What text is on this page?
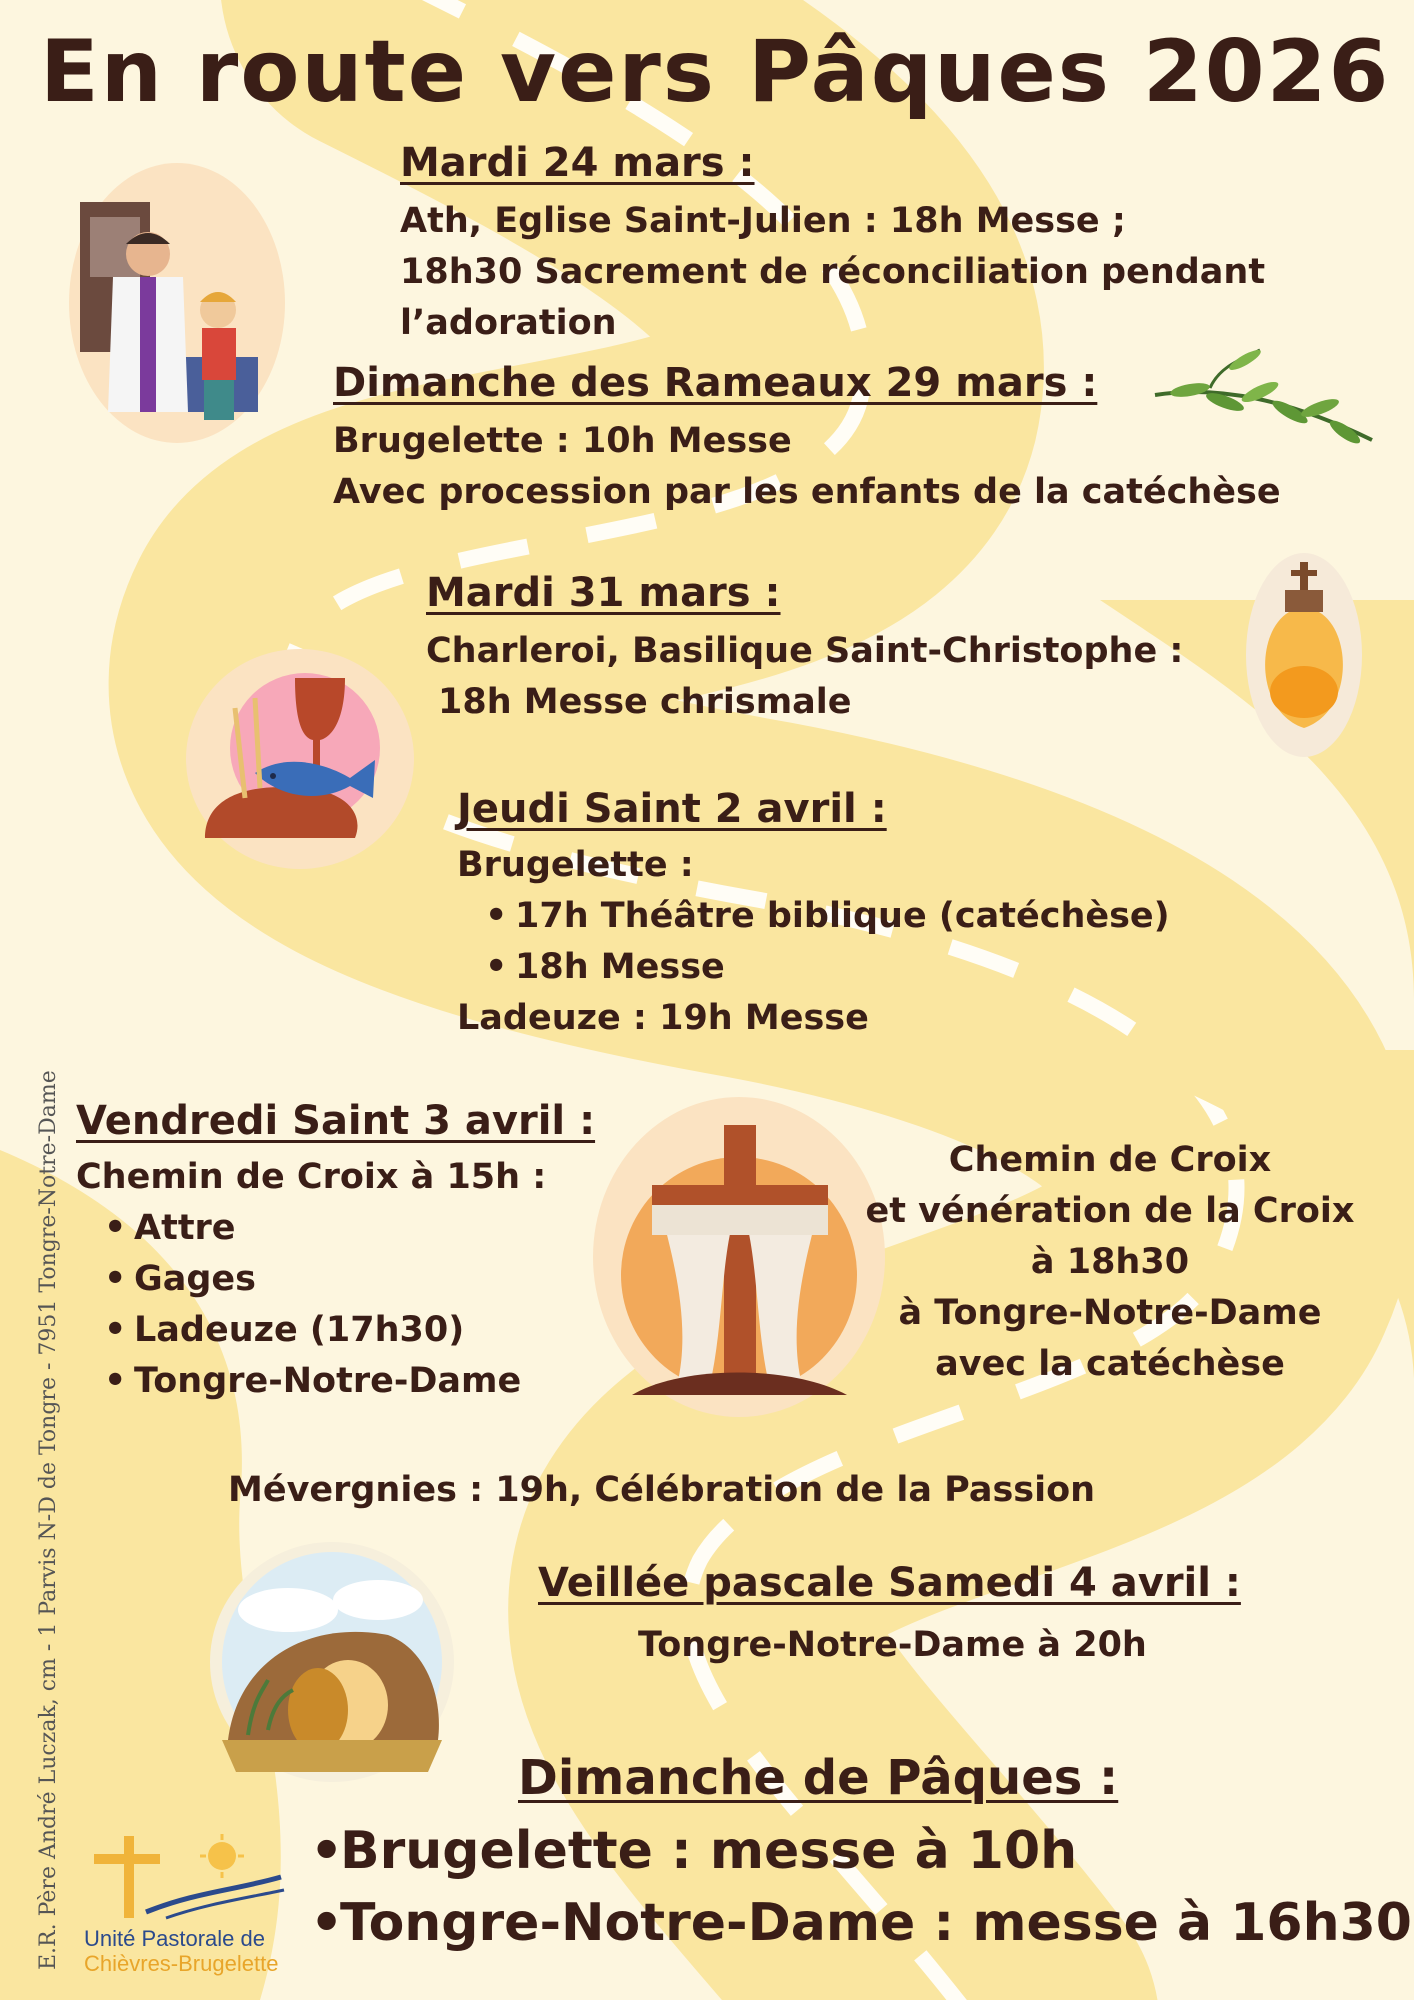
En route vers Pâques 2026

Mardi 24 mars :

Ath, Eglise Saint-Julien : 18h Messe ;
18h30 Sacrement de réconciliation pendant
l’adoration

Dimanche des Rameaux 29 mars :

Brugelette : 10h Messe
Avec procession par les enfants de la catéchèse

Mardi 31 mars :

Charleroi, Basilique Saint-Christophe :
18h Messe chrismale

Jeudi Saint 2 avril :

Brugelette :
• 17h Théâtre biblique (catéchèse)
• 18h Messe
Ladeuze : 19h Messe

Vendredi Saint 3 avril :

Chemin de Croix à 15h :
• Attre
• Gages
• Ladeuze (17h30)
• Tongre-Notre-Dame
Chemin de Croix
et vénération de la Croix
à 18h30
à Tongre-Notre-Dame
avec la catéchèse
Mévergnies : 19h, Célébration de la Passion

Veillée pascale Samedi 4 avril :

Tongre-Notre-Dame à 20h

Dimanche de Pâques :

• Brugelette : messe à 10h
• Tongre-Notre-Dame : messe à 16h30
E.R. Père André Luczak, cm - 1 Parvis N-D de Tongre - 7951 Tongre-Notre-Dame Unité Pastorale de
Chièvres-Brugelette
